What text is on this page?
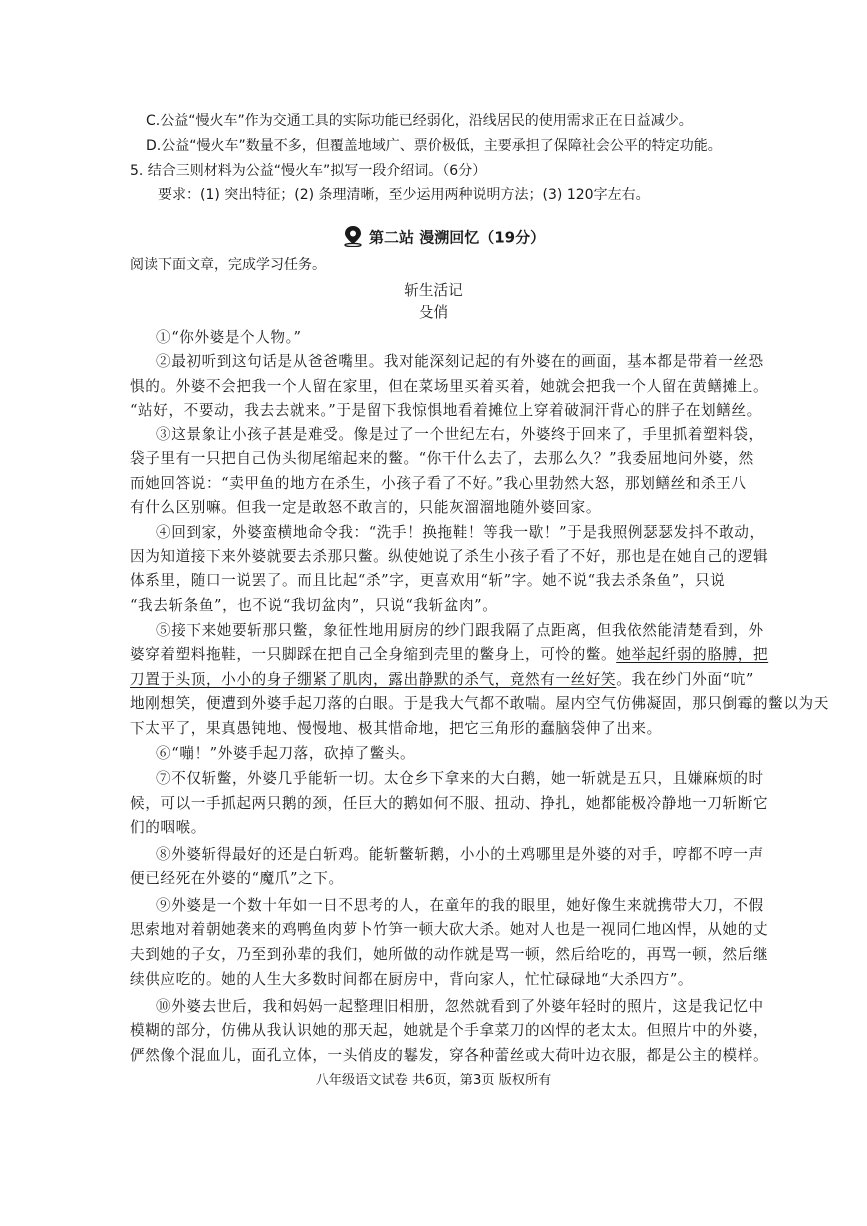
C.公益“慢火车”作为交通工具的实际功能已经弱化，沿线居民的使用需求正在日益减少。
D.公益“慢火车”数量不多，但覆盖地域广、票价极低，主要承担了保障社会公平的特定功能。
5. 结合三则材料为公益“慢火车”拟写一段介绍词。（6分）
要求：(1) 突出特征；(2) 条理清晰，至少运用两种说明方法；(3) 120字左右。
第二站 漫溯回忆（19分）
阅读下面文章，完成学习任务。
斩生活记
殳俏
①“你外婆是个人物。”
②最初听到这句话是从爸爸嘴里。我对能深刻记起的有外婆在的画面，基本都是带着一丝恐
惧的。外婆不会把我一个人留在家里，但在菜场里买着买着，她就会把我一个人留在黄鳝摊上。
“站好，不要动，我去去就来。”于是留下我惊惧地看着摊位上穿着破洞汗背心的胖子在划鳝丝。
③这景象让小孩子甚是难受。像是过了一个世纪左右，外婆终于回来了，手里抓着塑料袋，
袋子里有一只把自己伪头彻尾缩起来的鳖。“你干什么去了，去那么久？”我委屈地问外婆，然
而她回答说：“卖甲鱼的地方在杀生，小孩子看了不好。”我心里勃然大怒，那划鳝丝和杀王八
有什么区别嘛。但我一定是敢怒不敢言的，只能灰溜溜地随外婆回家。
④回到家，外婆蛮横地命令我：“洗手！换拖鞋！等我一歇！”于是我照例瑟瑟发抖不敢动，
因为知道接下来外婆就要去杀那只鳖。纵使她说了杀生小孩子看了不好，那也是在她自己的逻辑
体系里，随口一说罢了。而且比起“杀”字，更喜欢用“斩”字。她不说“我去杀条鱼”，只说
“我去斩条鱼”，也不说“我切盆肉”，只说“我斩盆肉”。
⑤接下来她要斩那只鳖，象征性地用厨房的纱门跟我隔了点距离，但我依然能清楚看到，外
婆穿着塑料拖鞋，一只脚踩在把自己全身缩到壳里的鳖身上，可怜的鳖。她举起纤弱的胳膊，把
刀置于头顶，小小的身子绷紧了肌肉，露出静默的杀气，竟然有一丝好笑。我在纱门外面“吭”
地刚想笑，便遭到外婆手起刀落的白眼。于是我大气都不敢喘。屋内空气仿佛凝固，那只倒霉的鳖以为天
下太平了，果真愚钝地、慢慢地、极其惜命地，把它三角形的蠢脑袋伸了出来。
⑥“嘣！”外婆手起刀落，砍掉了鳖头。
⑦不仅斩鳖，外婆几乎能斩一切。太仓乡下拿来的大白鹅，她一斩就是五只，且嫌麻烦的时
候，可以一手抓起两只鹅的颈，任巨大的鹅如何不服、扭动、挣扎，她都能极冷静地一刀斩断它
们的咽喉。
⑧外婆斩得最好的还是白斩鸡。能斩鳖斩鹅，小小的土鸡哪里是外婆的对手，哼都不哼一声
便已经死在外婆的“魔爪”之下。
⑨外婆是一个数十年如一日不思考的人，在童年的我的眼里，她好像生来就携带大刀，不假
思索地对着朝她袭来的鸡鸭鱼肉萝卜竹笋一顿大砍大杀。她对人也是一视同仁地凶悍，从她的丈
夫到她的子女，乃至到孙辈的我们，她所做的动作就是骂一顿，然后给吃的，再骂一顿，然后继
续供应吃的。她的人生大多数时间都在厨房中，背向家人，忙忙碌碌地“大杀四方”。
⑩外婆去世后，我和妈妈一起整理旧相册，忽然就看到了外婆年轻时的照片，这是我记忆中
模糊的部分，仿佛从我认识她的那天起，她就是个手拿菜刀的凶悍的老太太。但照片中的外婆，
俨然像个混血儿，面孔立体，一头俏皮的鬈发，穿各种蕾丝或大荷叶边衣服，都是公主的模样。
八年级语文试卷 共6页，第3页 版权所有
